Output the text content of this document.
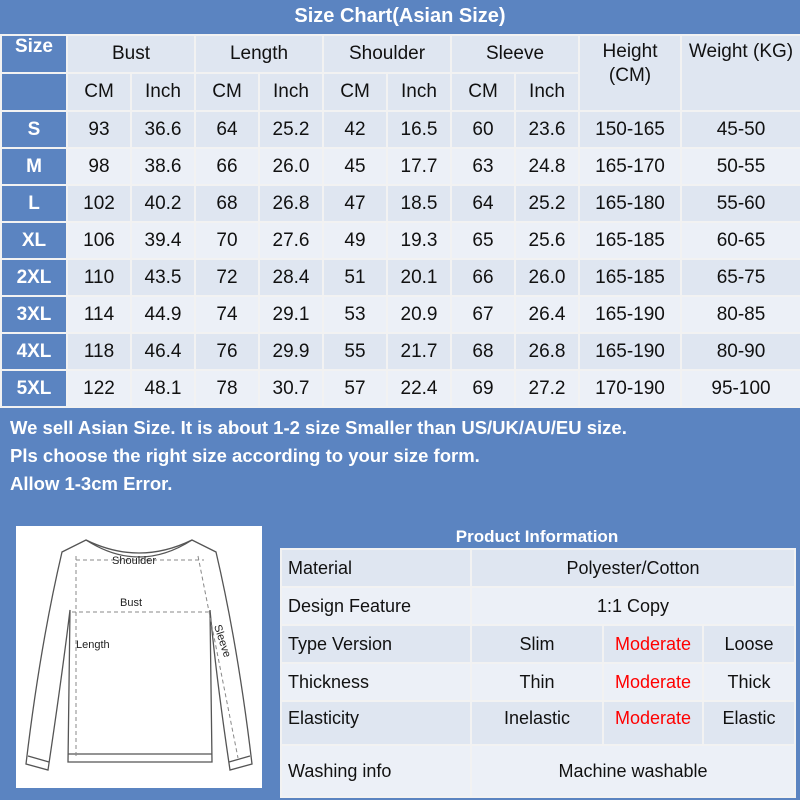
Size Chart(Asian Size)
Size	Bust		Length		Shoulder		Sleeve		Height (CM)	Weight (KG)
	CM	Inch	CM	Inch	CM	Inch	CM	Inch		
S	93	36.6	64	25.2	42	16.5	60	23.6	150-165	45-50
M	98	38.6	66	26.0	45	17.7	63	24.8	165-170	50-55
L	102	40.2	68	26.8	47	18.5	64	25.2	165-180	55-60
XL	106	39.4	70	27.6	49	19.3	65	25.6	165-185	60-65
2XL	110	43.5	72	28.4	51	20.1	66	26.0	165-185	65-75
3XL	114	44.9	74	29.1	53	20.9	67	26.4	165-190	80-85
4XL	118	46.4	76	29.9	55	21.7	68	26.8	165-190	80-90
5XL	122	48.1	78	30.7	57	22.4	69	27.2	170-190	95-100
We sell Asian Size. It is about 1-2 size Smaller than US/UK/AU/EU size.
Pls choose the right size according to your size form.
Allow 1-3cm Error.
Shoulder
Bust
Length	Sleeve
Product Information
Material	Polyester/Cotton		
Design Feature	1:1 Copy		
Type Version	Slim	Moderate	Loose
Thickness	Thin	Moderate	Thick
Elasticity	Inelastic	Moderate	Elastic
Washing info	Machine washable		
